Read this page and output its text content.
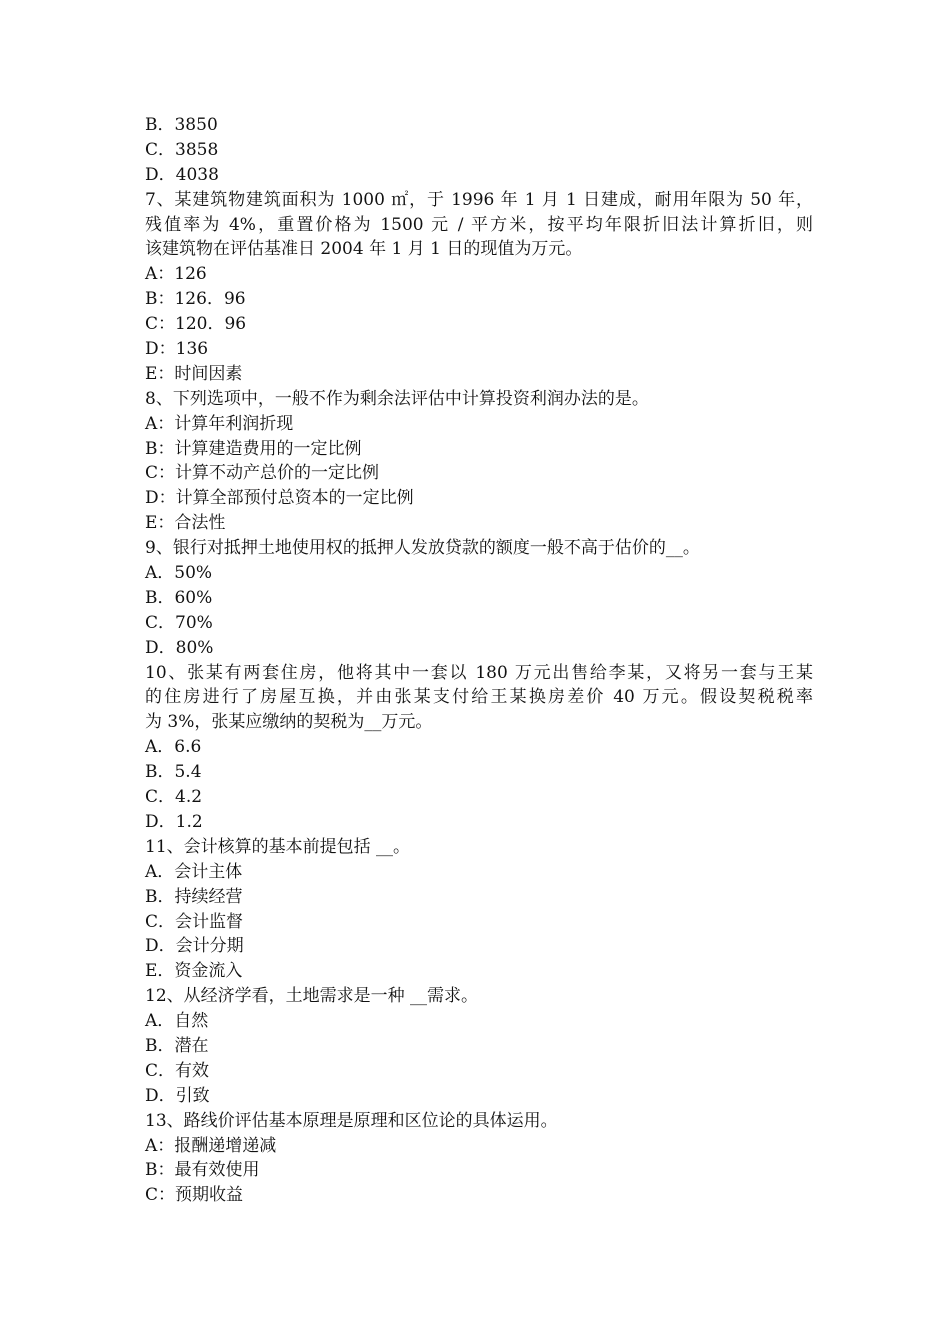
B．3850
C．3858
D．4038
7、某建筑物建筑面积为 1000 ㎡，于 1996 年 1 月 1 日建成，耐用年限为 50 年，
残值率为 4%，重置价格为 1500 元 / 平方米，按平均年限折旧法计算折旧，则
该建筑物在评估基准日 2004 年 1 月 1 日的现值为万元。
A：126
B：126．96
C：120．96
D：136
E：时间因素
8、下列选项中，一般不作为剩余法评估中计算投资利润办法的是。
A：计算年利润折现
B：计算建造费用的一定比例
C：计算不动产总价的一定比例
D：计算全部预付总资本的一定比例
E：合法性
9、银行对抵押土地使用权的抵押人发放贷款的额度一般不高于估价的__。
A．50%
B．60%
C．70%
D．80%
10、张某有两套住房，他将其中一套以 180 万元出售给李某，又将另一套与王某
的住房进行了房屋互换，并由张某支付给王某换房差价 40 万元。假设契税税率
为 3%，张某应缴纳的契税为__万元。
A．6.6
B．5.4
C．4.2
D．1.2
11、会计核算的基本前提包括 __。
A．会计主体
B．持续经营
C．会计监督
D．会计分期
E．资金流入
12、从经济学看，土地需求是一种 __需求。
A．自然
B．潜在
C．有效
D．引致
13、路线价评估基本原理是原理和区位论的具体运用。
A：报酬递增递减
B：最有效使用
C：预期收益
